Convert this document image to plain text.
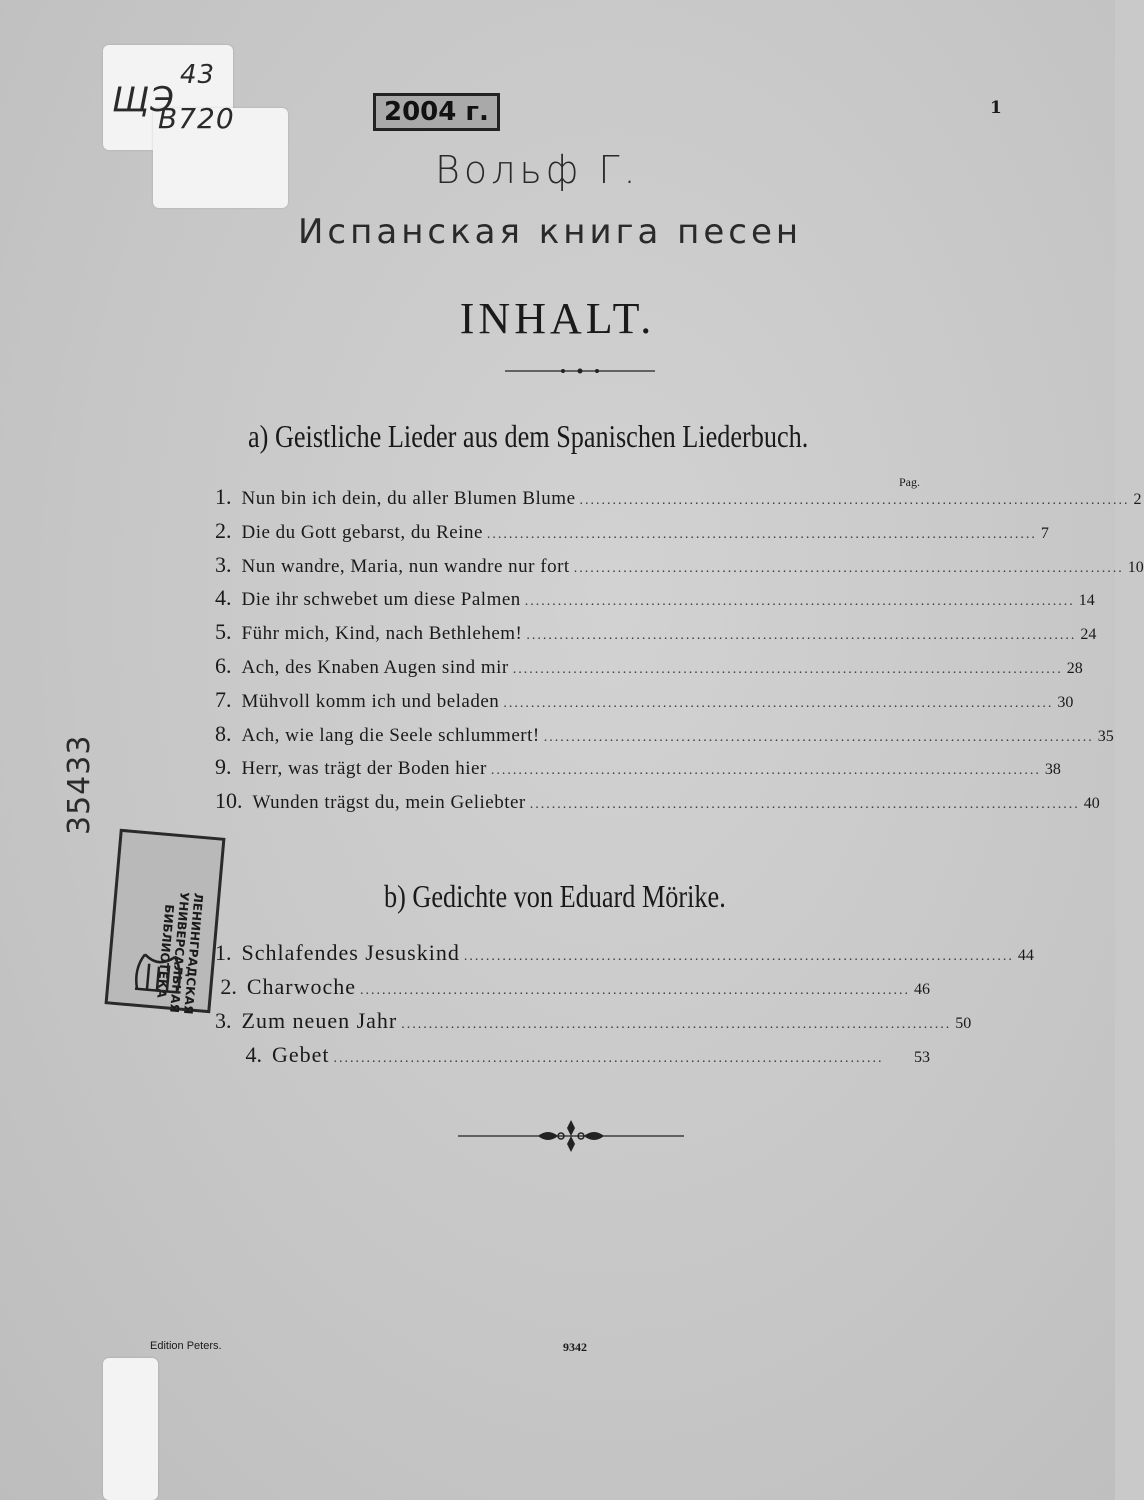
ЩЭ
43
B720	2004 г.	1
Вольф Г.
Испанская книга песен
INHALT.
a) Geistliche Lieder aus dem Spanischen Liederbuch.
Pag.
1. Nun bin ich dein, du aller Blumen Blume .................................................................................................... 2
2. Die du Gott gebarst, du Reine .................................................................................................... 7
3. Nun wandre, Maria, nun wandre nur fort .................................................................................................... 10
4. Die ihr schwebet um diese Palmen .................................................................................................... 14
5. Führ mich, Kind, nach Bethlehem! .................................................................................................... 24
6. Ach, des Knaben Augen sind mir .................................................................................................... 28
7. Mühvoll komm ich und beladen .................................................................................................... 30
8. Ach, wie lang die Seele schlummert! .................................................................................................... 35
9. Herr, was trägt der Boden hier .................................................................................................... 38
10. Wunden trägst du, mein Geliebter .................................................................................................... 40
b) Gedichte von Eduard Mörike.
1. Schlafendes Jesuskind .................................................................................................... 44
2. Charwoche .................................................................................................... 46
3. Zum neuen Jahr .................................................................................................... 50
4. Gebet ....................................................................................................	53
ЛЕНИНГРАДСКАЯ УНИВЕРСАЛЬНАЯ БИБЛИОТЕКА
35433
Edition Peters.	9342
